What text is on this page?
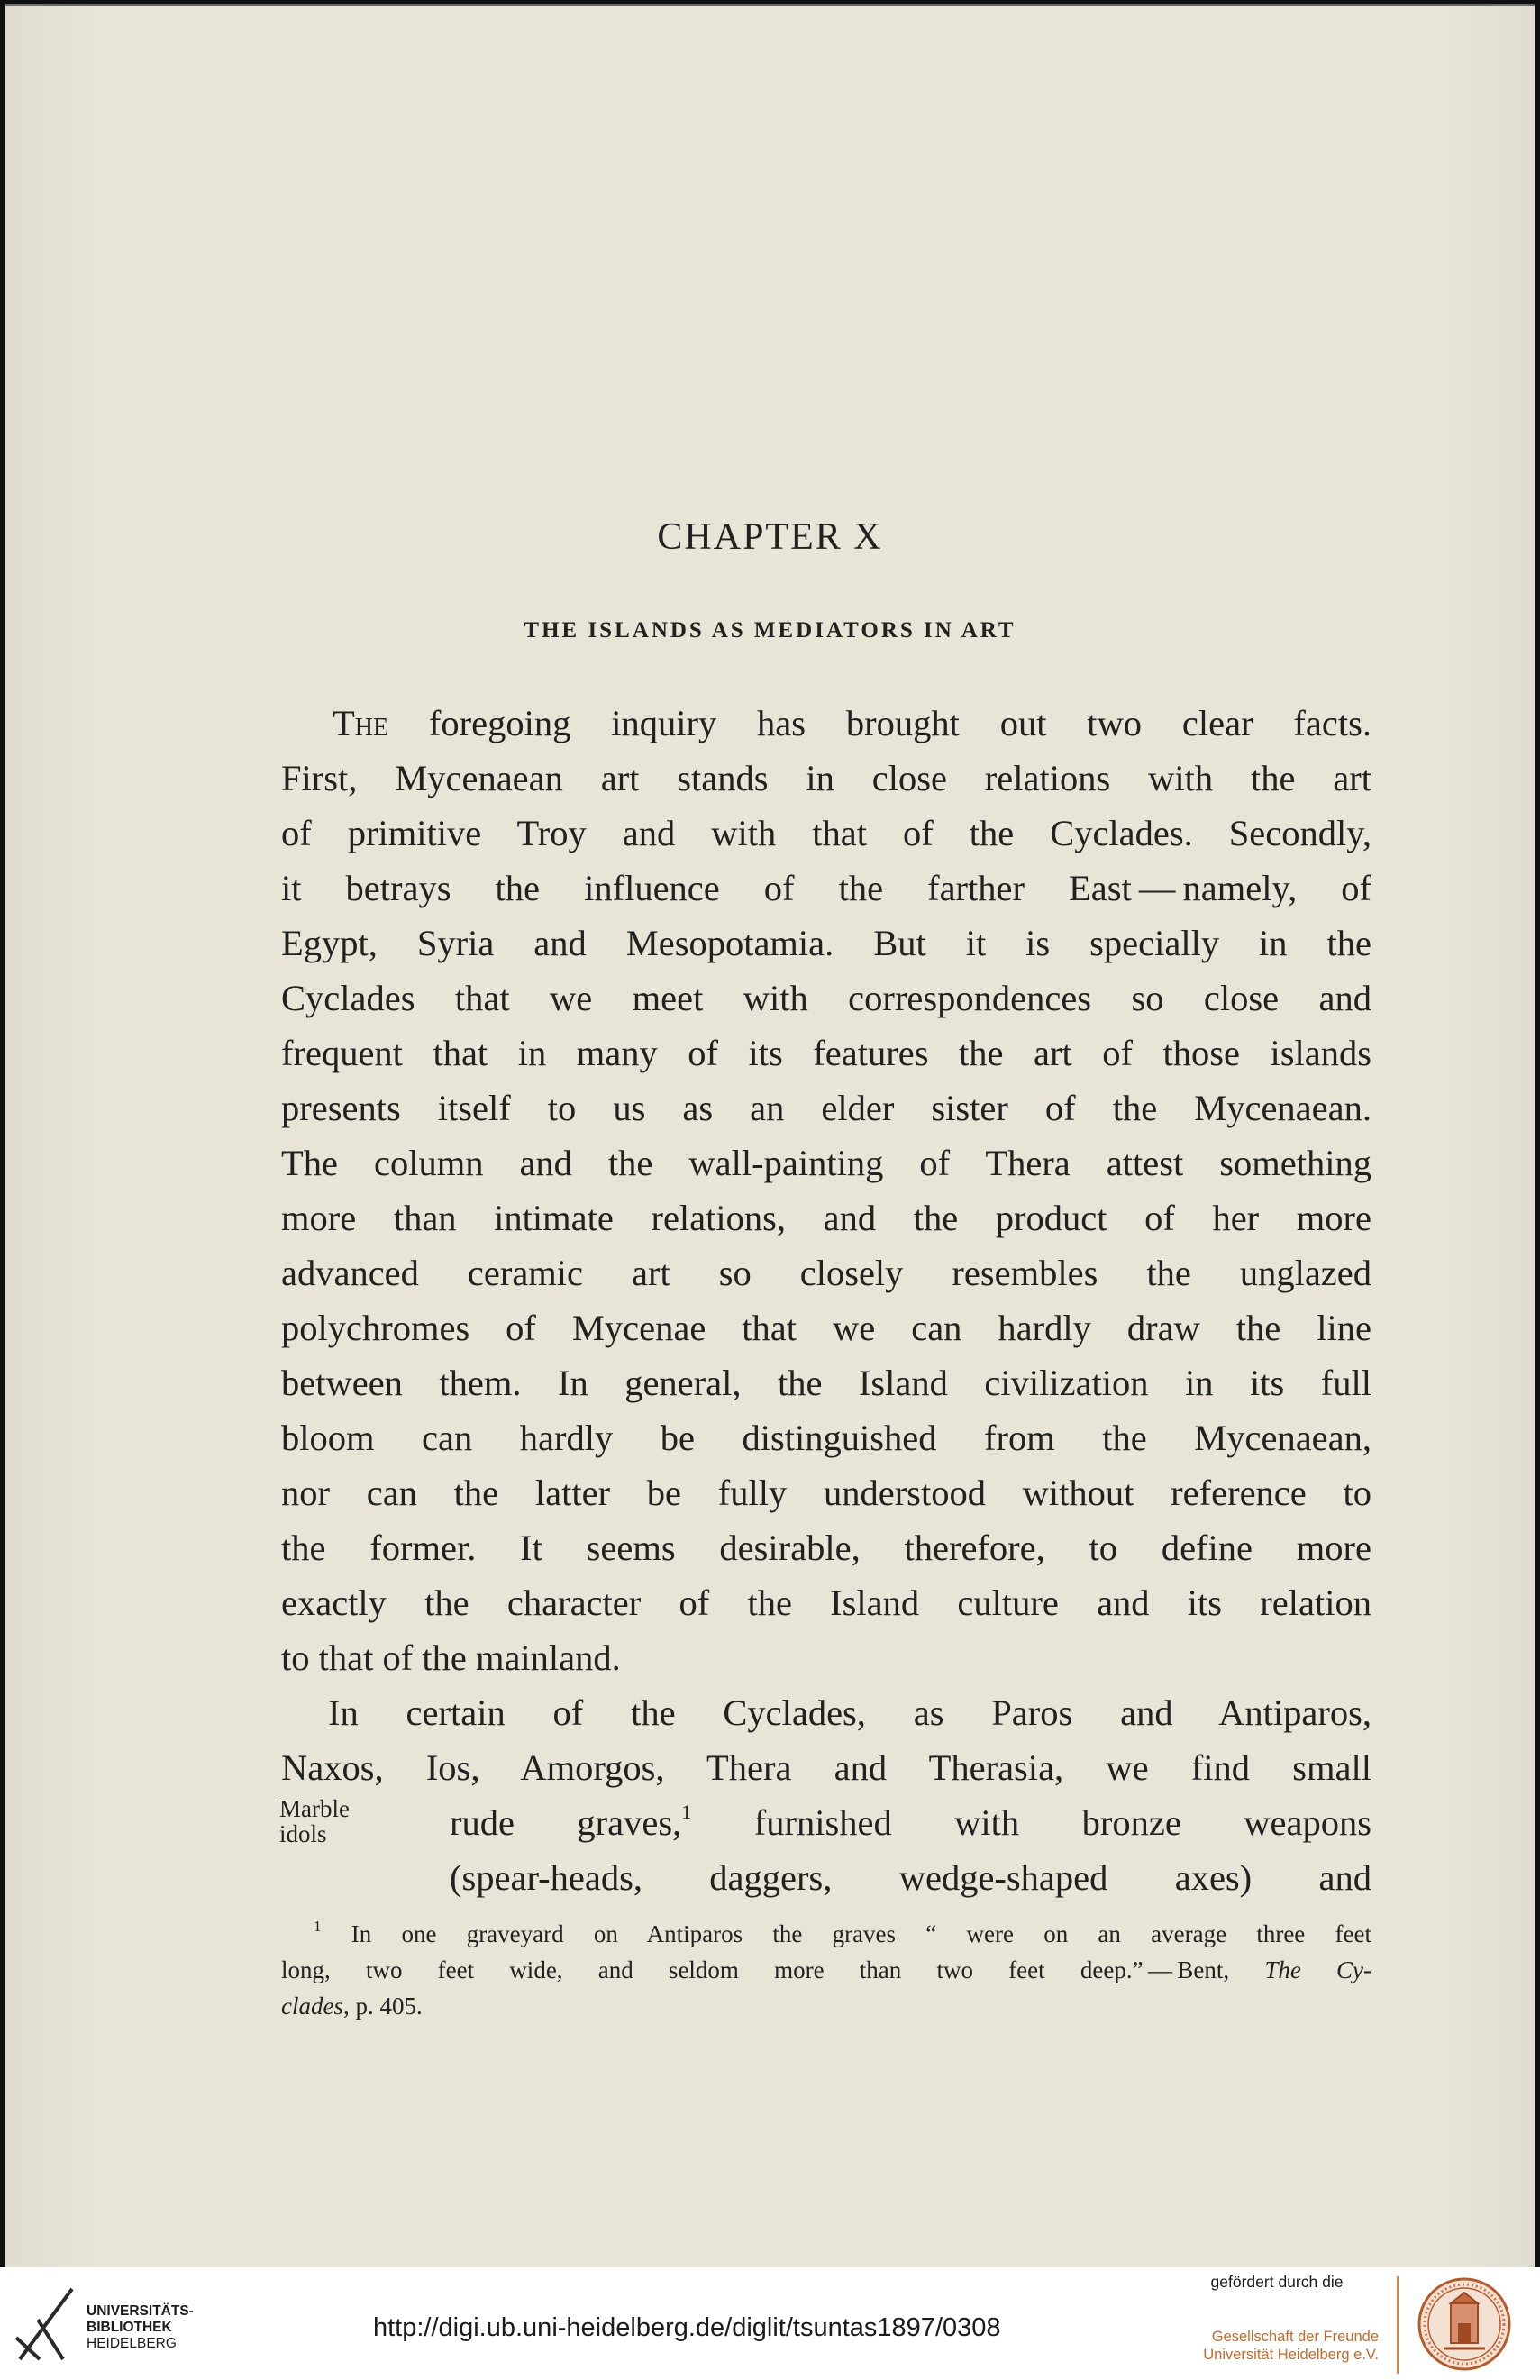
CHAPTER X
THE ISLANDS AS MEDIATORS IN ART
The foregoing inquiry has brought out two clear facts.
First, Mycenaean art stands in close relations with the art
of primitive Troy and with that of the Cyclades. Secondly,
it betrays the influence of the farther East — namely, of
Egypt, Syria and Mesopotamia. But it is specially in the
Cyclades that we meet with correspondences so close and
frequent that in many of its features the art of those islands
presents itself to us as an elder sister of the Mycenaean.
The column and the wall-painting of Thera attest something
more than intimate relations, and the product of her more
advanced ceramic art so closely resembles the unglazed
polychromes of Mycenae that we can hardly draw the line
between them. In general, the Island civilization in its full
bloom can hardly be distinguished from the Mycenaean,
nor can the latter be fully understood without reference to
the former. It seems desirable, therefore, to define more
exactly the character of the Island culture and its relation
to that of the mainland.
In certain of the Cyclades, as Paros and Antiparos,
Naxos, Ios, Amorgos, Thera and Therasia, we find small

Marble
idols	rude graves,$^1$ furnished with bronze weapons
(spear-heads, daggers, wedge-shaped axes) and
$^1$ In one graveyard on Antiparos the graves “ were on an average three feet
long, two feet wide, and seldom more than two feet deep.” — Bent, The Cy-
clades, p. 405.

UNIVERSITÄTS-
BIBLIOTHEK
HEIDELBERG

http://digi.ub.uni-heidelberg.de/diglit/tsuntas1897/0308

gefördert durch die
Gesellschaft der Freunde
Universität Heidelberg e.V.
